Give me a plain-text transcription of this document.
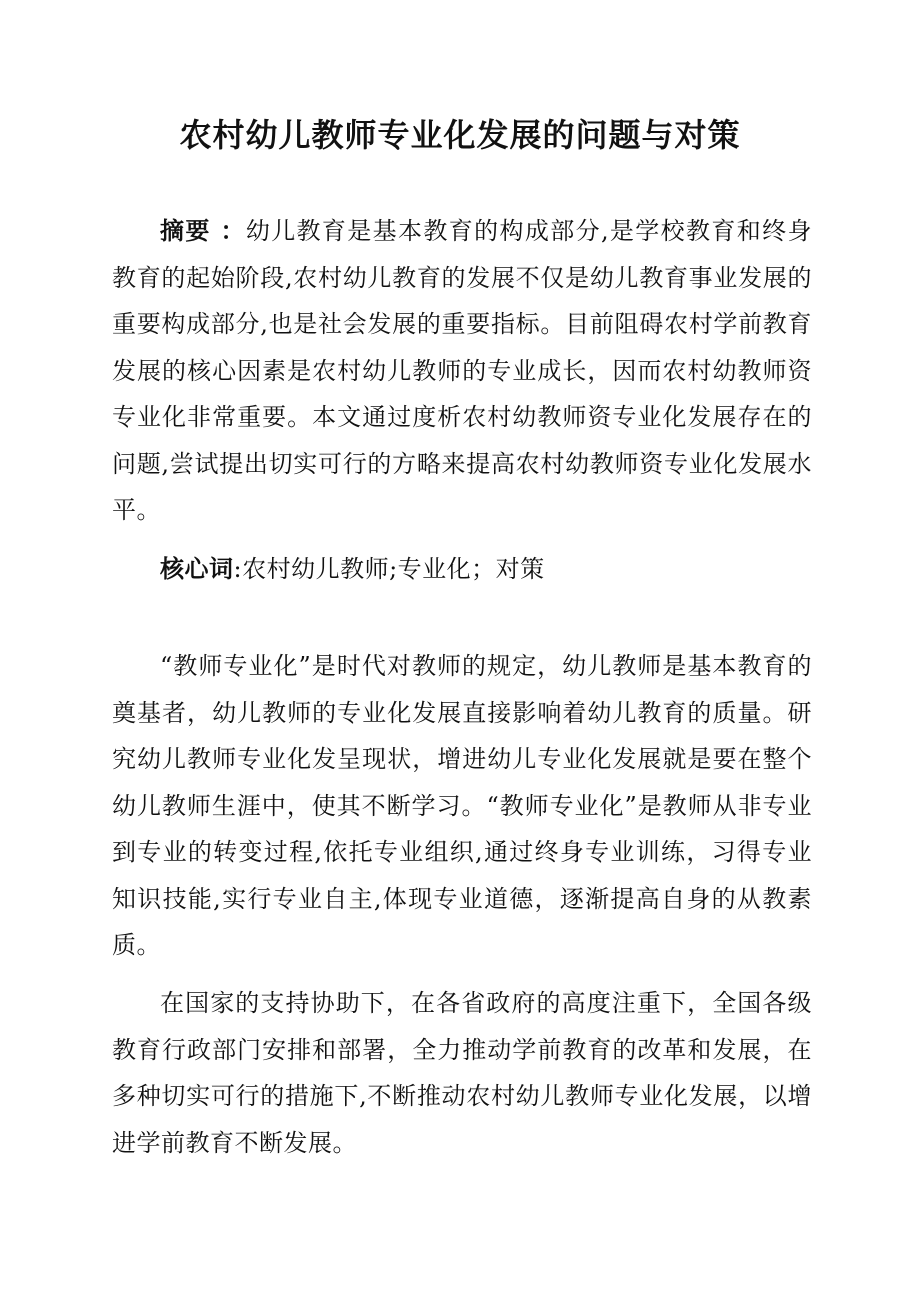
农村幼儿教师专业化发展的问题与对策

摘要 ：幼儿教育是基本教育的构成部分,是学校教育和终身教育的起始阶段,农村幼儿教育的发展不仅是幼儿教育事业发展的重要构成部分,也是社会发展的重要指标。目前阻碍农村学前教育发展的核心因素是农村幼儿教师的专业成长，因而农村幼教师资专业化非常重要。本文通过度析农村幼教师资专业化发展存在的问题,尝试提出切实可行的方略来提高农村幼教师资专业化发展水平。

核心词:农村幼儿教师;专业化；对策

“教师专业化”是时代对教师的规定，幼儿教师是基本教育的奠基者，幼儿教师的专业化发展直接影响着幼儿教育的质量。研究幼儿教师专业化发呈现状，增进幼儿专业化发展就是要在整个幼儿教师生涯中，使其不断学习。“教师专业化”是教师从非专业到专业的转变过程,依托专业组织,通过终身专业训练，习得专业知识技能,实行专业自主,体现专业道德，逐渐提高自身的从教素质。

在国家的支持协助下，在各省政府的高度注重下，全国各级教育行政部门安排和部署，全力推动学前教育的改革和发展，在多种切实可行的措施下,不断推动农村幼儿教师专业化发展，以增进学前教育不断发展。
